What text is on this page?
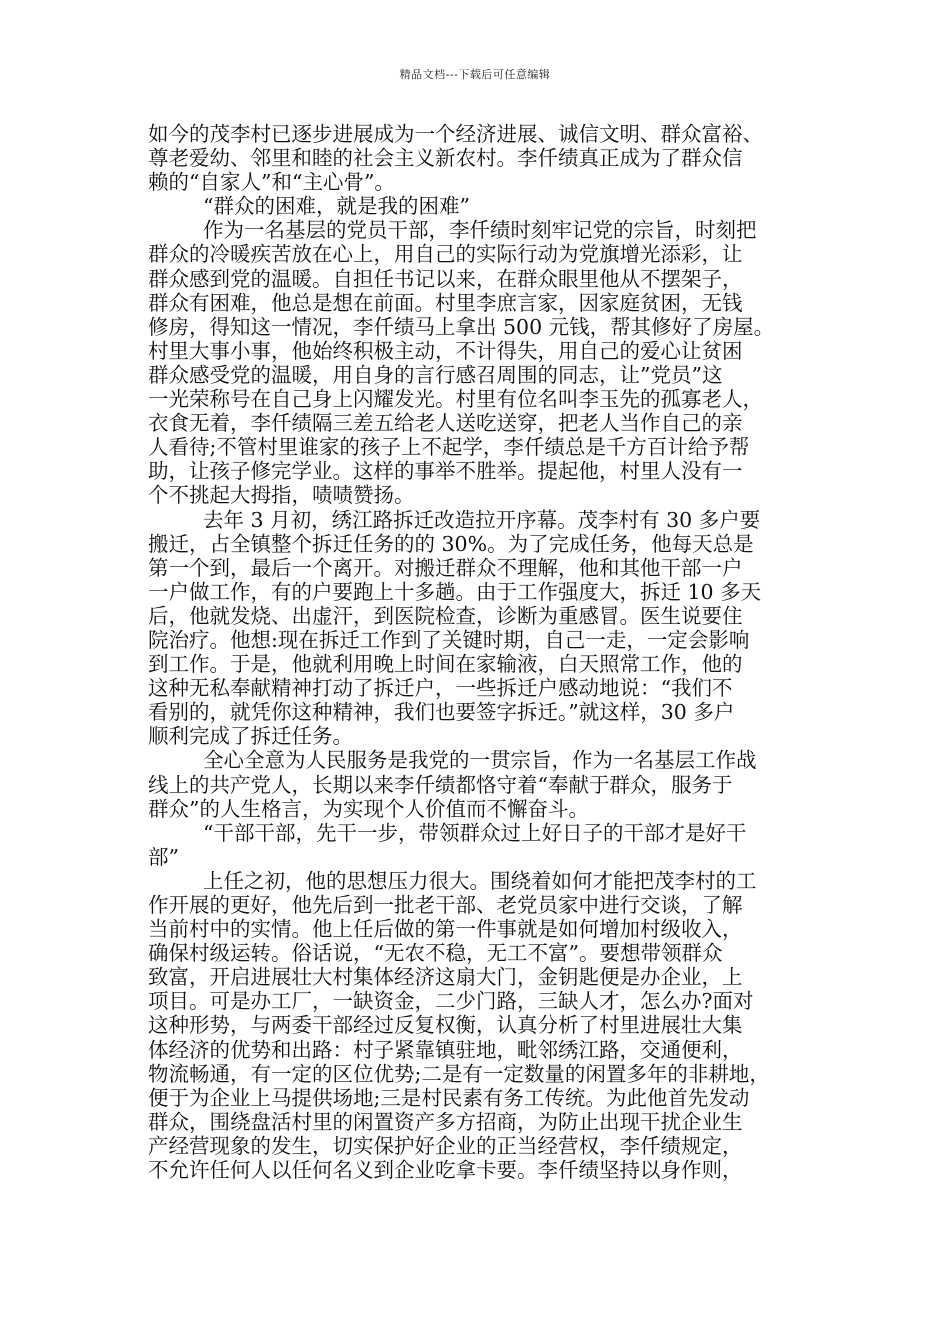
精品文档---下载后可任意编辑
如今的茂李村已逐步进展成为一个经济进展、诚信文明、群众富裕、
尊老爱幼、邻里和睦的社会主义新农村。李仟绩真正成为了群众信
赖的“自家人”和“主心骨”。
“群众的困难，就是我的困难”
作为一名基层的党员干部，李仟绩时刻牢记党的宗旨，时刻把
群众的冷暖疾苦放在心上，用自己的实际行动为党旗增光添彩，让
群众感到党的温暖。自担任书记以来，在群众眼里他从不摆架子，
群众有困难，他总是想在前面。村里李庶言家，因家庭贫困，无钱
修房，得知这一情况，李仟绩马上拿出 500 元钱，帮其修好了房屋。
村里大事小事，他始终积极主动，不计得失，用自己的爱心让贫困
群众感受党的温暖，用自身的言行感召周围的同志，让”党员”这
一光荣称号在自己身上闪耀发光。村里有位名叫李玉先的孤寡老人，
衣食无着，李仟绩隔三差五给老人送吃送穿，把老人当作自己的亲
人看待;不管村里谁家的孩子上不起学，李仟绩总是千方百计给予帮
助，让孩子修完学业。这样的事举不胜举。提起他，村里人没有一
个不挑起大拇指，啧啧赞扬。
去年 3 月初，绣江路拆迁改造拉开序幕。茂李村有 30 多户要
搬迁，占全镇整个拆迁任务的的 30%。为了完成任务，他每天总是
第一个到，最后一个离开。对搬迁群众不理解，他和其他干部一户
一户做工作，有的户要跑上十多趟。由于工作强度大，拆迁 10 多天
后，他就发烧、出虚汗，到医院检查，诊断为重感冒。医生说要住
院治疗。他想:现在拆迁工作到了关键时期，自己一走，一定会影响
到工作。于是，他就利用晚上时间在家输液，白天照常工作，他的
这种无私奉献精神打动了拆迁户，一些拆迁户感动地说：“我们不
看别的，就凭你这种精神，我们也要签字拆迁。”就这样，30 多户
顺利完成了拆迁任务。
全心全意为人民服务是我党的一贯宗旨，作为一名基层工作战
线上的共产党人，长期以来李仟绩都恪守着“奉献于群众，服务于
群众”的人生格言，为实现个人价值而不懈奋斗。
“干部干部，先干一步，带领群众过上好日子的干部才是好干
部”
上任之初，他的思想压力很大。围绕着如何才能把茂李村的工
作开展的更好，他先后到一批老干部、老党员家中进行交谈，了解
当前村中的实情。他上任后做的第一件事就是如何增加村级收入，
确保村级运转。俗话说，“无农不稳，无工不富”。要想带领群众
致富，开启进展壮大村集体经济这扇大门，金钥匙便是办企业，上
项目。可是办工厂，一缺资金，二少门路，三缺人才，怎么办?面对
这种形势，与两委干部经过反复权衡，认真分析了村里进展壮大集
体经济的优势和出路：村子紧靠镇驻地，毗邻绣江路，交通便利，
物流畅通，有一定的区位优势;二是有一定数量的闲置多年的非耕地，
便于为企业上马提供场地;三是村民素有务工传统。为此他首先发动
群众，围绕盘活村里的闲置资产多方招商，为防止出现干扰企业生
产经营现象的发生，切实保护好企业的正当经营权，李仟绩规定，
不允许任何人以任何名义到企业吃拿卡要。李仟绩坚持以身作则，
